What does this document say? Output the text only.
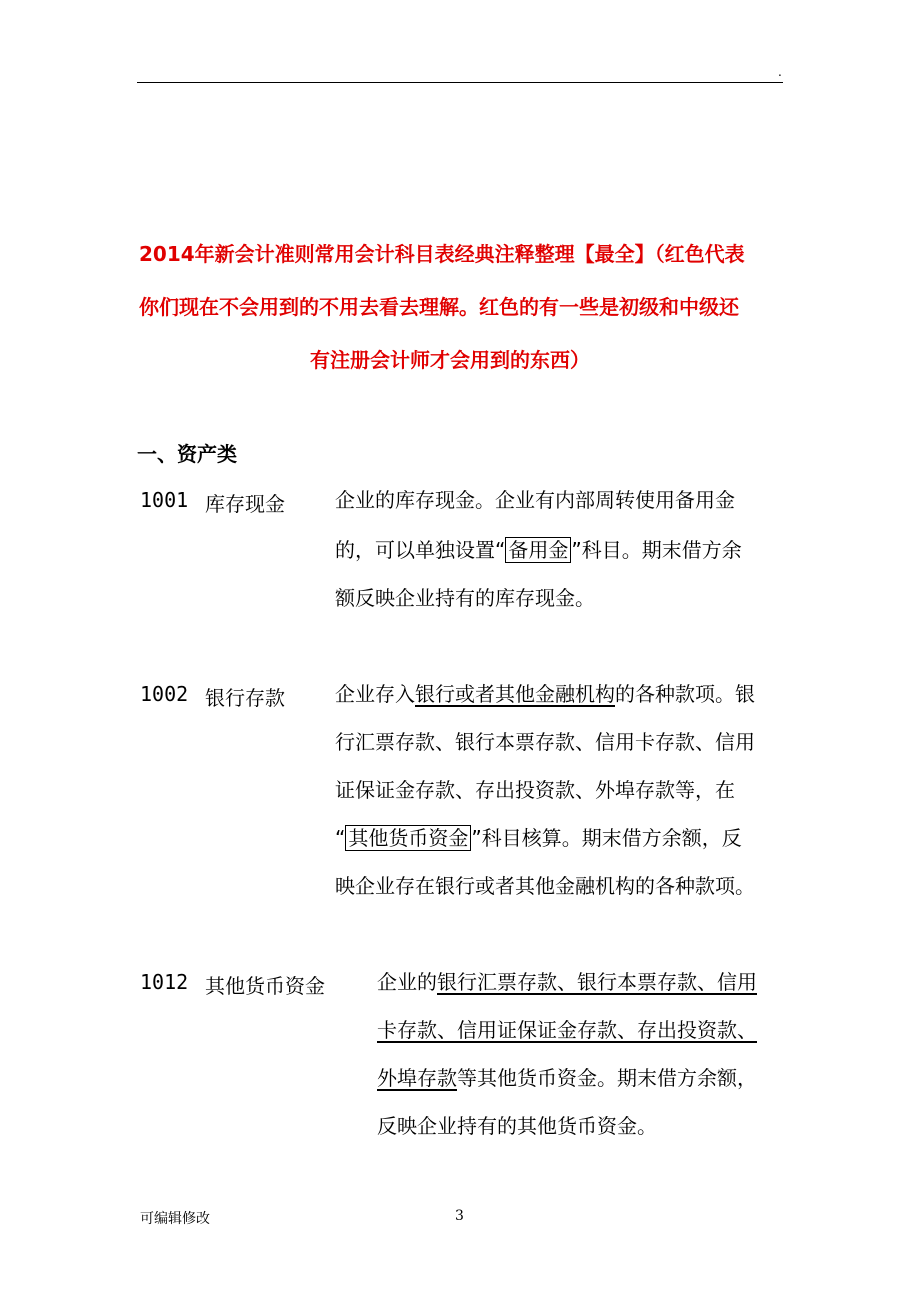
.
2014年新会计准则常用会计科目表经典注释整理【最全】（红色代表
你们现在不会用到的不用去看去理解。红色的有一些是初级和中级还
有注册会计师才会用到的东西）
一、资产类
1001 库存现金	企业的库存现金。企业有内部周转使用备用金
的，可以单独设置“ 备用金 ”科目。期末借方余
额反映企业持有的库存现金。
1002 银行存款	企业存入银行或者其他金融机构的各种款项。银
行汇票存款、银行本票存款、信用卡存款、信用
证保证金存款、存出投资款、外埠存款等，在
“ 其他货币资金 ”科目核算。期末借方余额，反
映企业存在银行或者其他金融机构的各种款项。
1012 其他货币资金	企业的银行汇票存款、银行本票存款、信用
卡存款、信用证保证金存款、存出投资款、
外埠存款等其他货币资金。期末借方余额，
反映企业持有的其他货币资金。
可编辑修改	3
